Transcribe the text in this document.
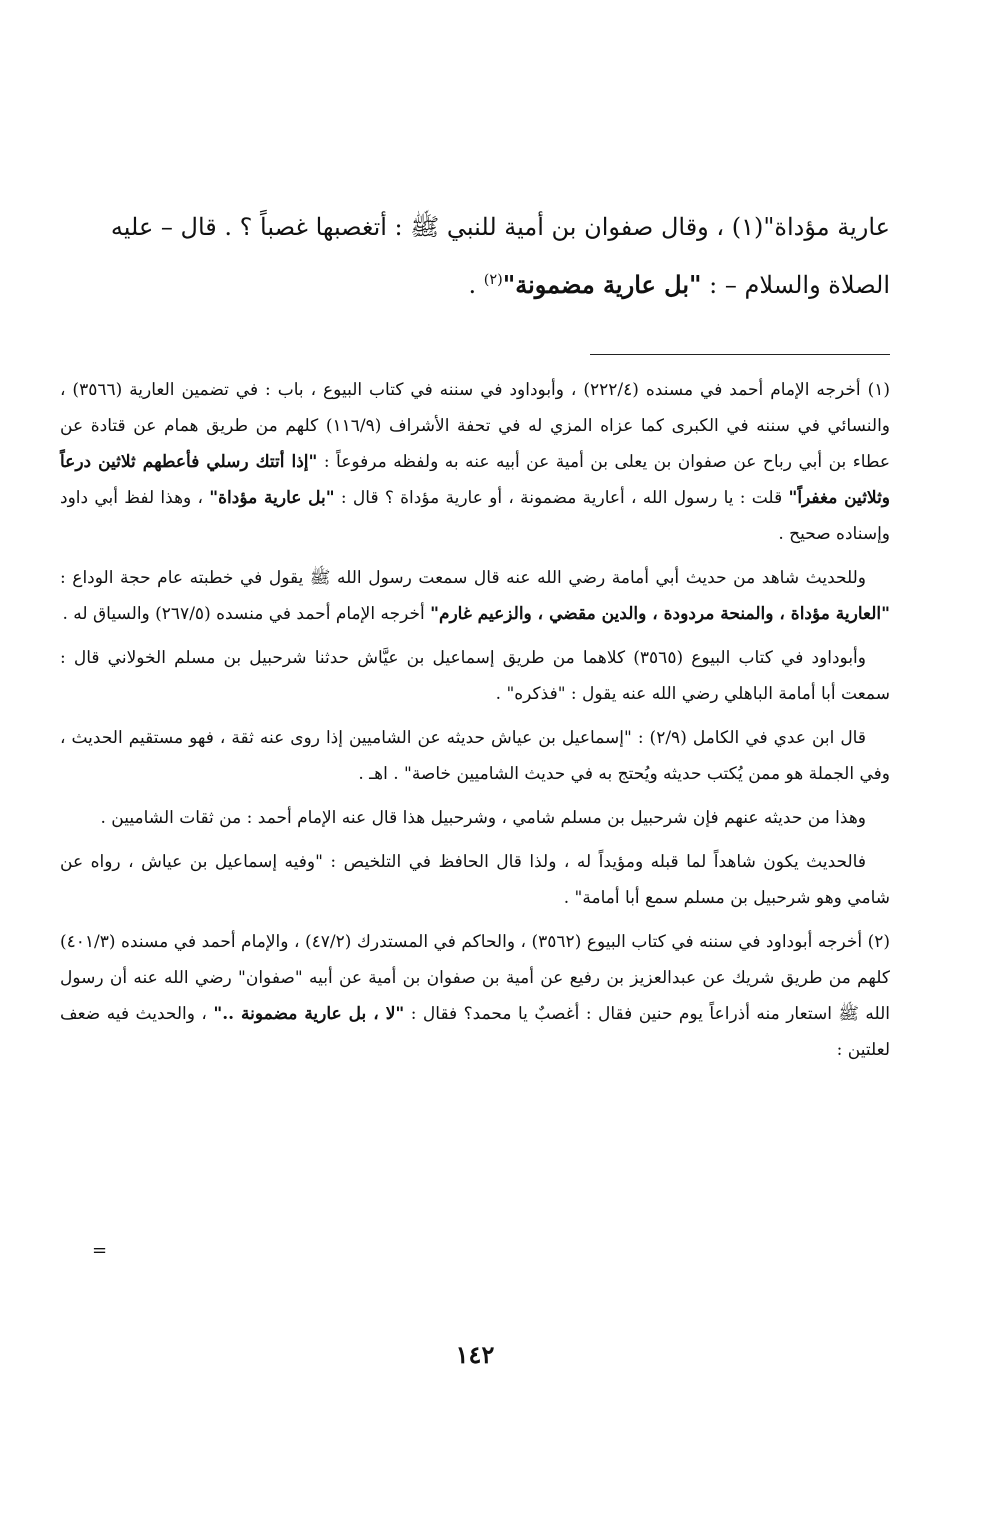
عارية مؤداة"(١) ، وقال صفوان بن أمية للنبي ﷺ : أتغصبها غصباً ؟ . قال – عليه

الصلاة والسلام – : "بل عارية مضمونة"$^{(٢)}$ .

(١) أخرجه الإمام أحمد في مسنده (٢٢٢/٤) ، وأبوداود في سننه في كتاب البيوع ، باب : في تضمين العارية (٣٥٦٦) ، والنسائي في سننه في الكبرى كما عزاه المزي له في تحفة الأشراف (١١٦/٩) كلهم من طريق همام عن قتادة عن عطاء بن أبي رباح عن صفوان بن يعلى بن أمية عن أبيه عنه به ولفظه مرفوعاً : "إذا أتتك رسلي فأعطهم ثلاثين درعاً وثلاثين مغفراً" قلت : يا رسول الله ، أعارية مضمونة ، أو عارية مؤداة ؟ قال : "بل عارية مؤداة" ، وهذا لفظ أبي داود وإسناده صحيح .

وللحديث شاهد من حديث أبي أمامة رضي الله عنه قال سمعت رسول الله ﷺ يقول في خطبته عام حجة الوداع : "العارية مؤداة ، والمنحة مردودة ، والدين مقضي ، والزعيم غارم" أخرجه الإمام أحمد في منسده (٢٦٧/٥) والسياق له .

وأبوداود في كتاب البيوع (٣٥٦٥) كلاهما من طريق إسماعيل بن عيَّاش حدثنا شرحبيل بن مسلم الخولاني قال : سمعت أبا أمامة الباهلي رضي الله عنه يقول : "فذكره" .

قال ابن عدي في الكامل (٢/٩) : "إسماعيل بن عياش حديثه عن الشاميين إذا روى عنه ثقة ، فهو مستقيم الحديث ، وفي الجملة هو ممن يُكتب حديثه ويُحتج به في حديث الشاميين خاصة" . اهـ .

وهذا من حديثه عنهم فإن شرحبيل بن مسلم شامي ، وشرحبيل هذا قال عنه الإمام أحمد : من ثقات الشاميين .

فالحديث يكون شاهداً لما قبله ومؤيداً له ، ولذا قال الحافظ في التلخيص : "وفيه إسماعيل بن عياش ، رواه عن شامي وهو شرحبيل بن مسلم سمع أبا أمامة" .

(٢) أخرجه أبوداود في سننه في كتاب البيوع (٣٥٦٢) ، والحاكم في المستدرك (٤٧/٢) ، والإمام أحمد في مسنده (٤٠١/٣) كلهم من طريق شريك عن عبدالعزيز بن رفيع عن أمية بن صفوان بن أمية عن أبيه "صفوان" رضي الله عنه أن رسول الله ﷺ استعار منه أذراعاً يوم حنين فقال : أغصبٌ يا محمد؟ فقال : "لا ، بل عارية مضمونة .." ، والحديث فيه ضعف لعلتين :

=
١٤٢
